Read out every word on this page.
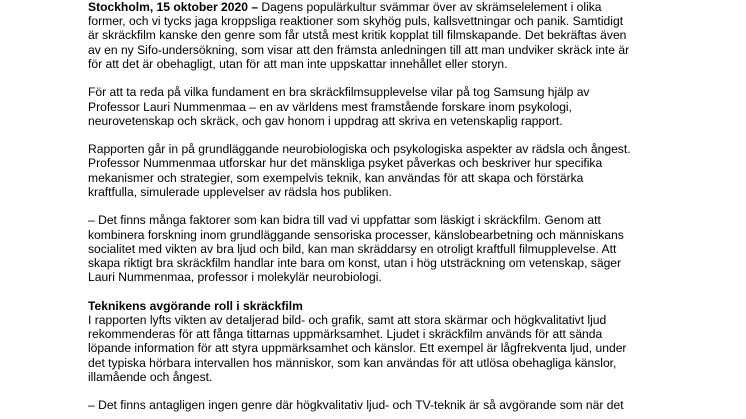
Stockholm, 15 oktober 2020 – Dagens populärkultur svämmar över av skrämselelement i olika
former, och vi tycks jaga kroppsliga reaktioner som skyhög puls, kallsvettningar och panik. Samtidigt
är skräckfilm kanske den genre som får utstå mest kritik kopplat till filmskapande. Det bekräftas även
av en ny Sifo-undersökning, som visar att den främsta anledningen till att man undviker skräck inte är
för att det är obehagligt, utan för att man inte uppskattar innehållet eller storyn.
För att ta reda på vilka fundament en bra skräckfilmsupplevelse vilar på tog Samsung hjälp av
Professor Lauri Nummenmaa – en av världens mest framstående forskare inom psykologi,
neurovetenskap och skräck, och gav honom i uppdrag att skriva en vetenskaplig rapport.
Rapporten går in på grundläggande neurobiologiska och psykologiska aspekter av rädsla och ångest.
Professor Nummenmaa utforskar hur det mänskliga psyket påverkas och beskriver hur specifika
mekanismer och strategier, som exempelvis teknik, kan användas för att skapa och förstärka
kraftfulla, simulerade upplevelser av rädsla hos publiken.
– Det finns många faktorer som kan bidra till vad vi uppfattar som läskigt i skräckfilm. Genom att
kombinera forskning inom grundläggande sensoriska processer, känslobearbetning och människans
socialitet med vikten av bra ljud och bild, kan man skräddarsy en otroligt kraftfull filmupplevelse. Att
skapa riktigt bra skräckfilm handlar inte bara om konst, utan i hög utsträckning om vetenskap, säger
Lauri Nummenmaa, professor i molekylär neurobiologi.
Teknikens avgörande roll i skräckfilm
I rapporten lyfts vikten av detaljerad bild- och grafik, samt att stora skärmar och högkvalitativt ljud
rekommenderas för att fånga tittarnas uppmärksamhet. Ljudet i skräckfilm används för att sända
löpande information för att styra uppmärksamhet och känslor. Ett exempel är lågfrekventa ljud, under
det typiska hörbara intervallen hos människor, som kan användas för att utlösa obehagliga känslor,
illamående och ångest.
– Det finns antagligen ingen genre där högkvalitativ ljud- och TV-teknik är så avgörande som när det
